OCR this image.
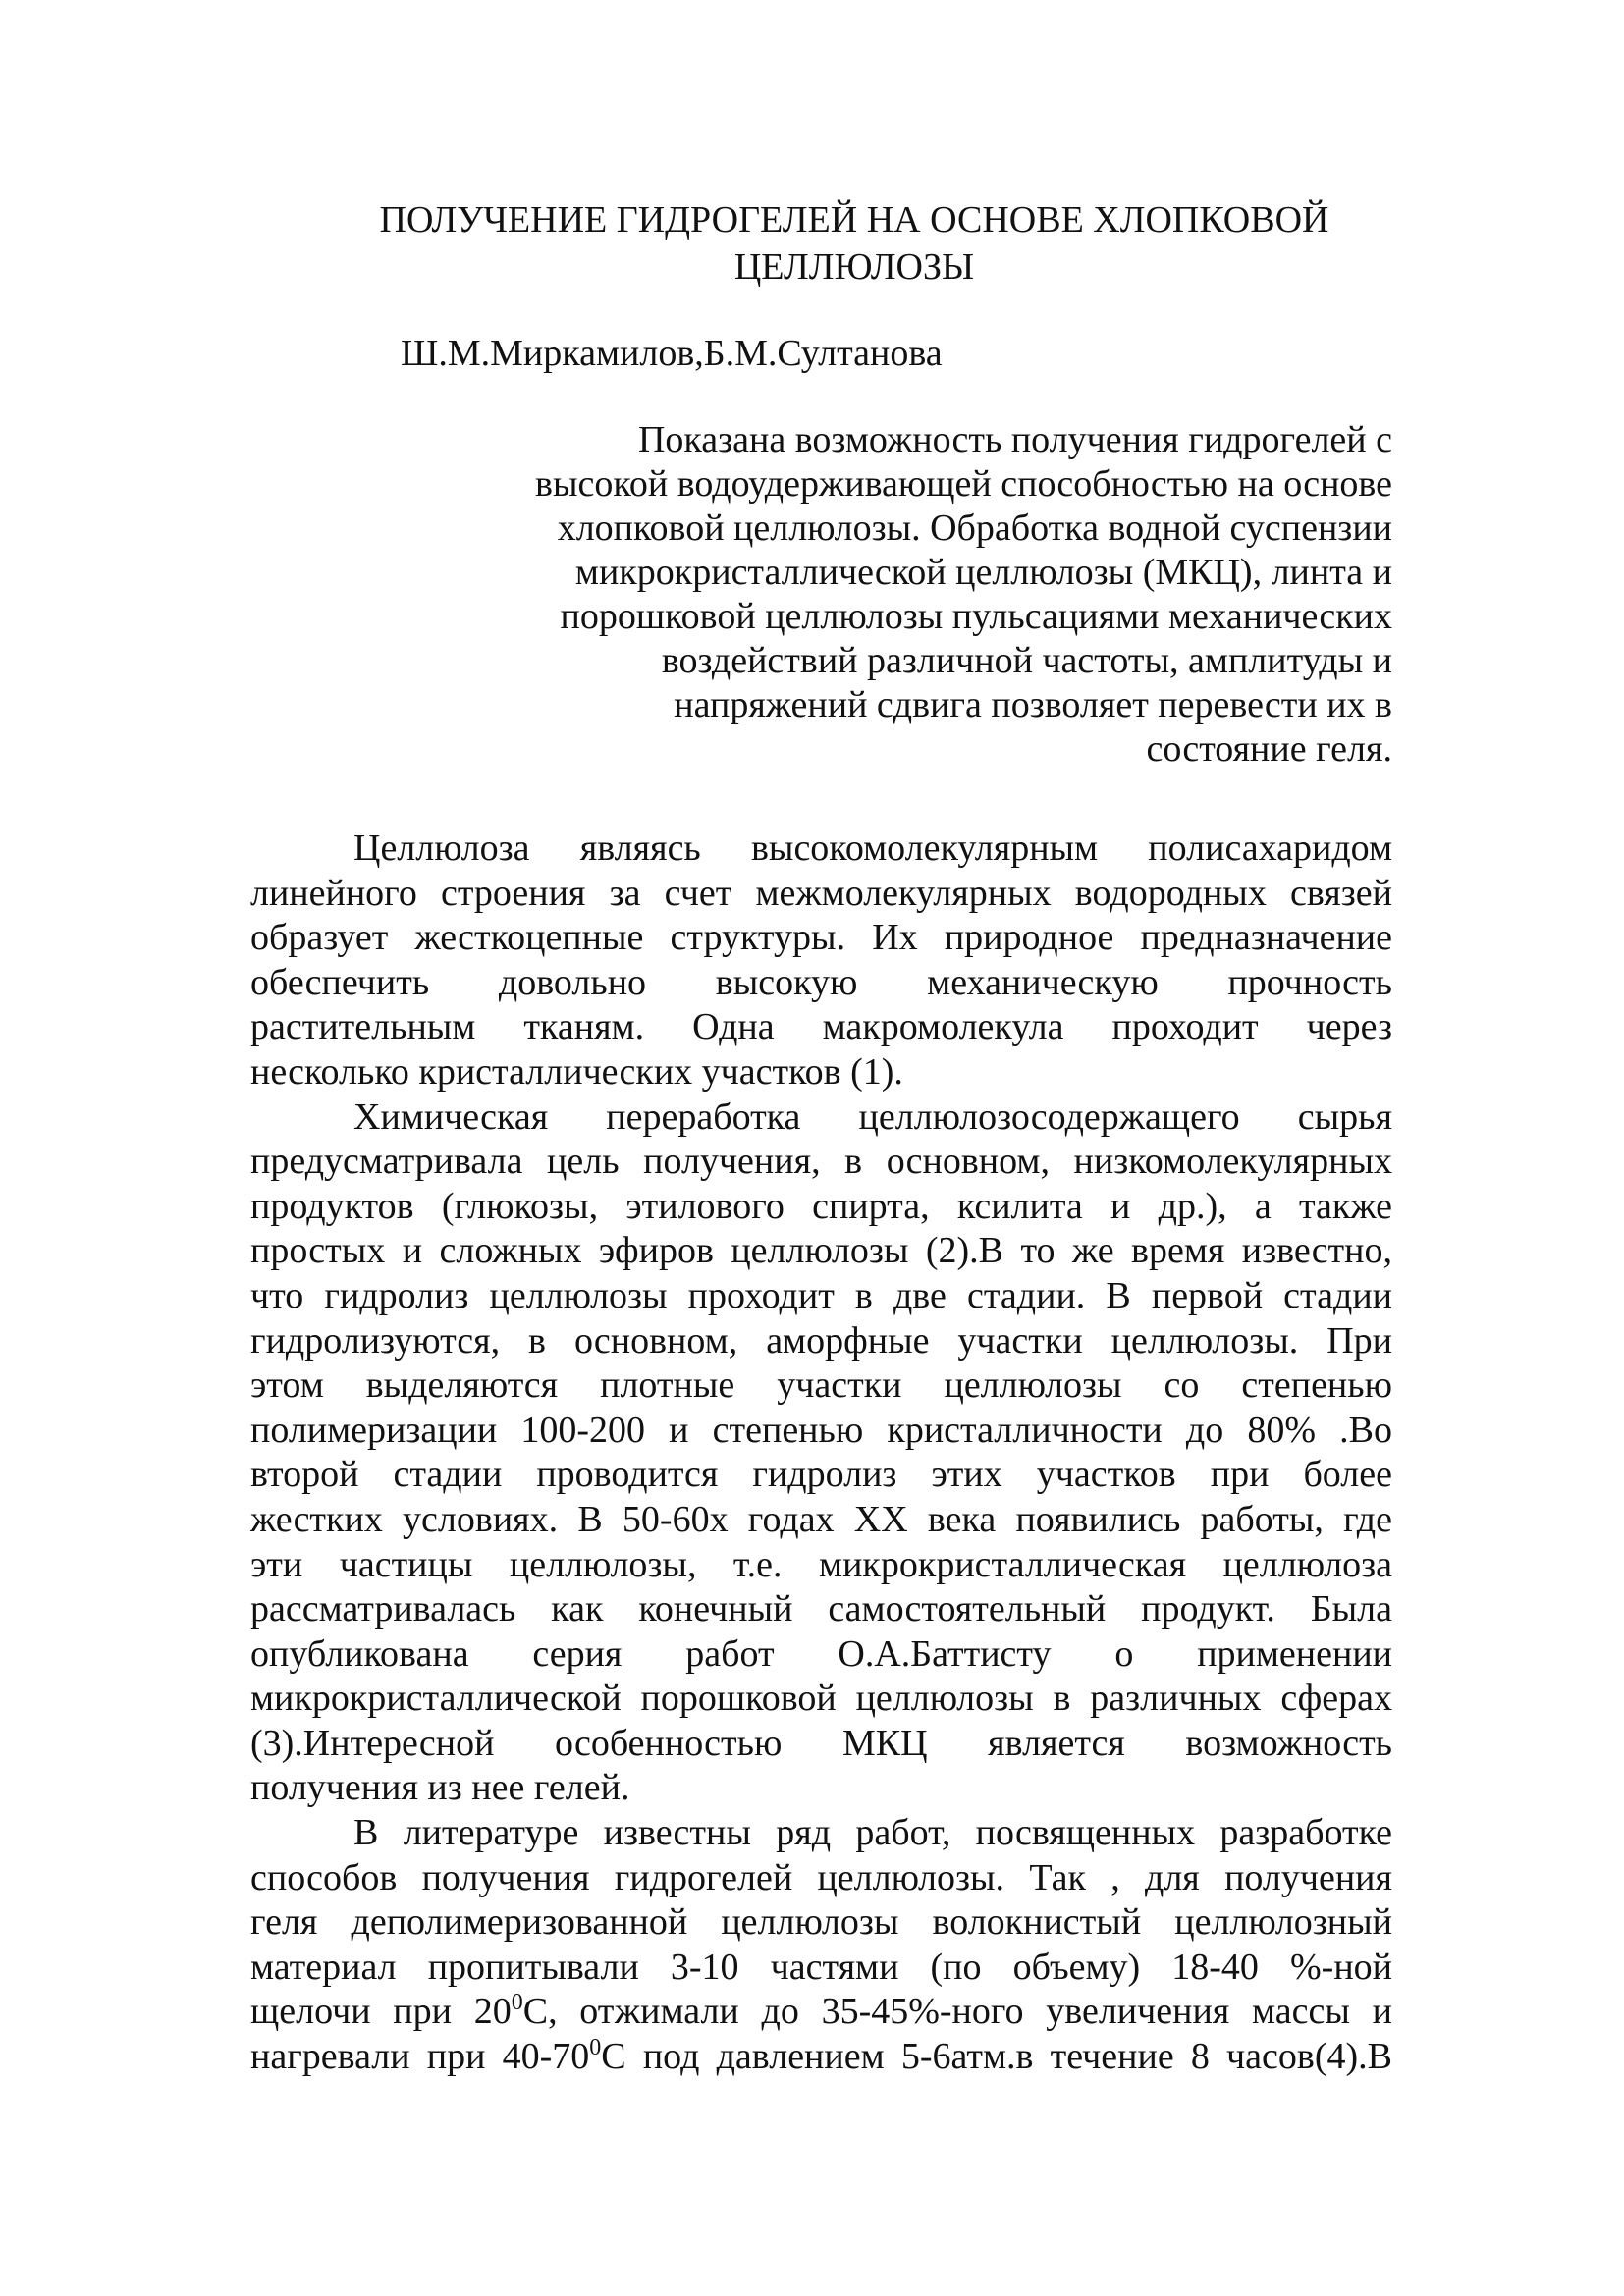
ПОЛУЧЕНИЕ ГИДРОГЕЛЕЙ НА ОСНОВЕ ХЛОПКОВОЙ
ЦЕЛЛЮЛОЗЫ
Ш.М.Миркамилов,Б.М.Султанова
Показана возможность получения гидрогелей с
высокой водоудерживающей способностью на основе
хлопковой целлюлозы. Обработка водной суспензии
микрокристаллической целлюлозы (МКЦ), линта и
порошковой целлюлозы пульсациями механических
воздействий различной частоты, амплитуды и
напряжений сдвига позволяет перевести их в
состояние геля.
Целлюлоза являясь высокомолекулярным полисахаридом
линейного строения за счет межмолекулярных водородных связей
образует жесткоцепные структуры. Их природное предназначение
обеспечить довольно высокую механическую прочность
растительным тканям. Одна макромолекула проходит через
несколько кристаллических участков (1).
Химическая переработка целлюлозосодержащего сырья
предусматривала цель получения, в основном, низкомолекулярных
продуктов (глюкозы, этилового спирта, ксилита и др.), а также
простых и сложных эфиров целлюлозы (2).В то же время известно,
что гидролиз целлюлозы проходит в две стадии. В первой стадии
гидролизуются, в основном, аморфные участки целлюлозы. При
этом выделяются плотные участки целлюлозы со степенью
полимеризации 100-200 и степенью кристалличности до 80% .Во
второй стадии проводится гидролиз этих участков при более
жестких условиях. В 50-60х годах XX века появились работы, где
эти частицы целлюлозы, т.е. микрокристаллическая целлюлоза
рассматривалась как конечный самостоятельный продукт. Была
опубликована серия работ О.А.Баттисту о применении
микрокристаллической порошковой целлюлозы в различных сферах
(3).Интересной особенностью МКЦ является возможность
получения из нее гелей.
В литературе известны ряд работ, посвященных разработке
способов получения гидрогелей целлюлозы. Так , для получения
геля деполимеризованной целлюлозы волокнистый целлюлозный
материал пропитывали 3-10 частями (по объему) 18-40 %-ной
щелочи при $20^0С$, отжимали до 35-45%-ного увеличения массы и
нагревали при $40-70^0С$ под давлением 5-6атм.в течение 8 часов(4).В
